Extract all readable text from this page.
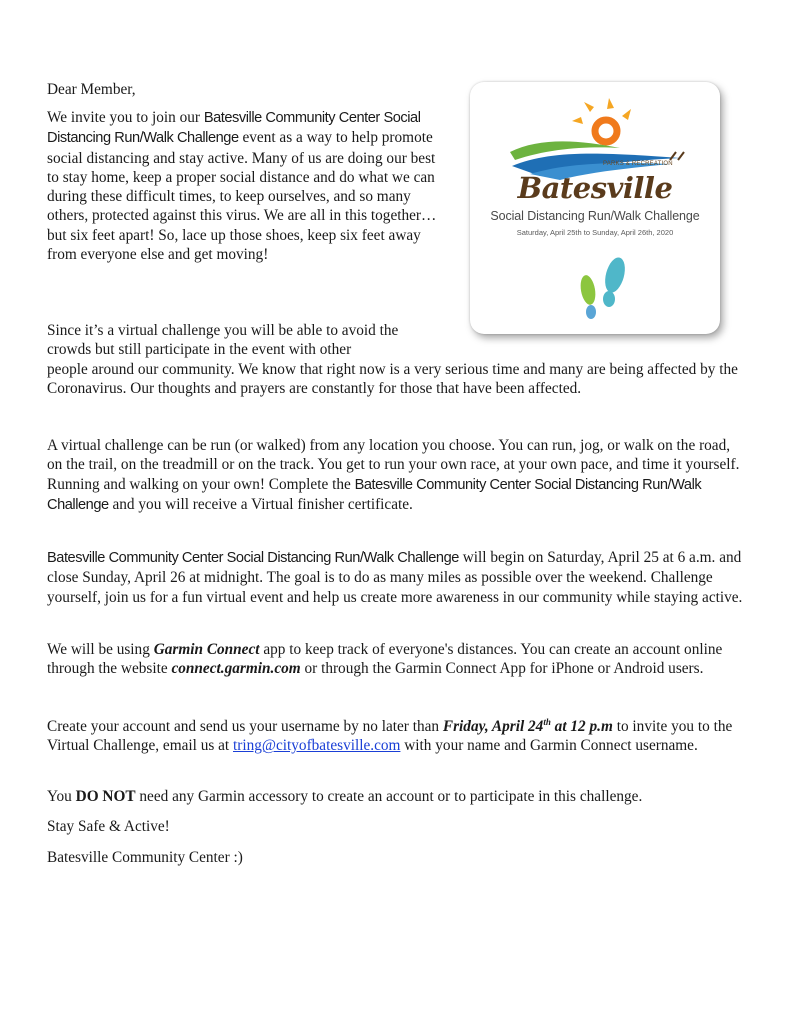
Dear Member,

We invite you to join our Batesville Community Center Social Distancing Run/Walk Challenge event as a way to help promote social distancing and stay active. Many of us are doing our best to stay home, keep a proper social distance and do what we can during these difficult times, to keep ourselves, and so many others, protected against this virus. We are all in this together…but six feet apart! So, lace up those shoes, keep six feet away from everyone else and get moving!

Since it’s a virtual challenge you will be able to avoid the crowds but still participate in the event with other
people around our community. We know that right now is a very serious time and many are being affected by the Coronavirus. Our thoughts and prayers are constantly for those that have been affected.

A virtual challenge can be run (or walked) from any location you choose. You can run, jog, or walk on the road, on the trail, on the treadmill or on the track. You get to run your own race, at your own pace, and time it yourself. Running and walking on your own! Complete the Batesville Community Center Social Distancing Run/Walk Challenge and you will receive a Virtual finisher certificate.

Batesville Community Center Social Distancing Run/Walk Challenge will begin on Saturday, April 25 at 6 a.m. and close Sunday, April 26 at midnight. The goal is to do as many miles as possible over the weekend. Challenge yourself, join us for a fun virtual event and help us create more awareness in our community while staying active.

We will be using Garmin Connect app to keep track of everyone's distances. You can create an account online through the website connect.garmin.com or through the Garmin Connect App for iPhone or Android users.

Create your account and send us your username by no later than Friday, April 24th at 12 p.m to invite you to the Virtual Challenge, email us at tring@cityofbatesville.com with your name and Garmin Connect username.

You DO NOT need any Garmin accessory to create an account or to participate in this challenge.

Stay Safe & Active!

Batesville Community Center :)

PARKS & RECREATION
Batesville
Social Distancing Run/Walk Challenge
Saturday, April 25th to Sunday, April 26th, 2020
